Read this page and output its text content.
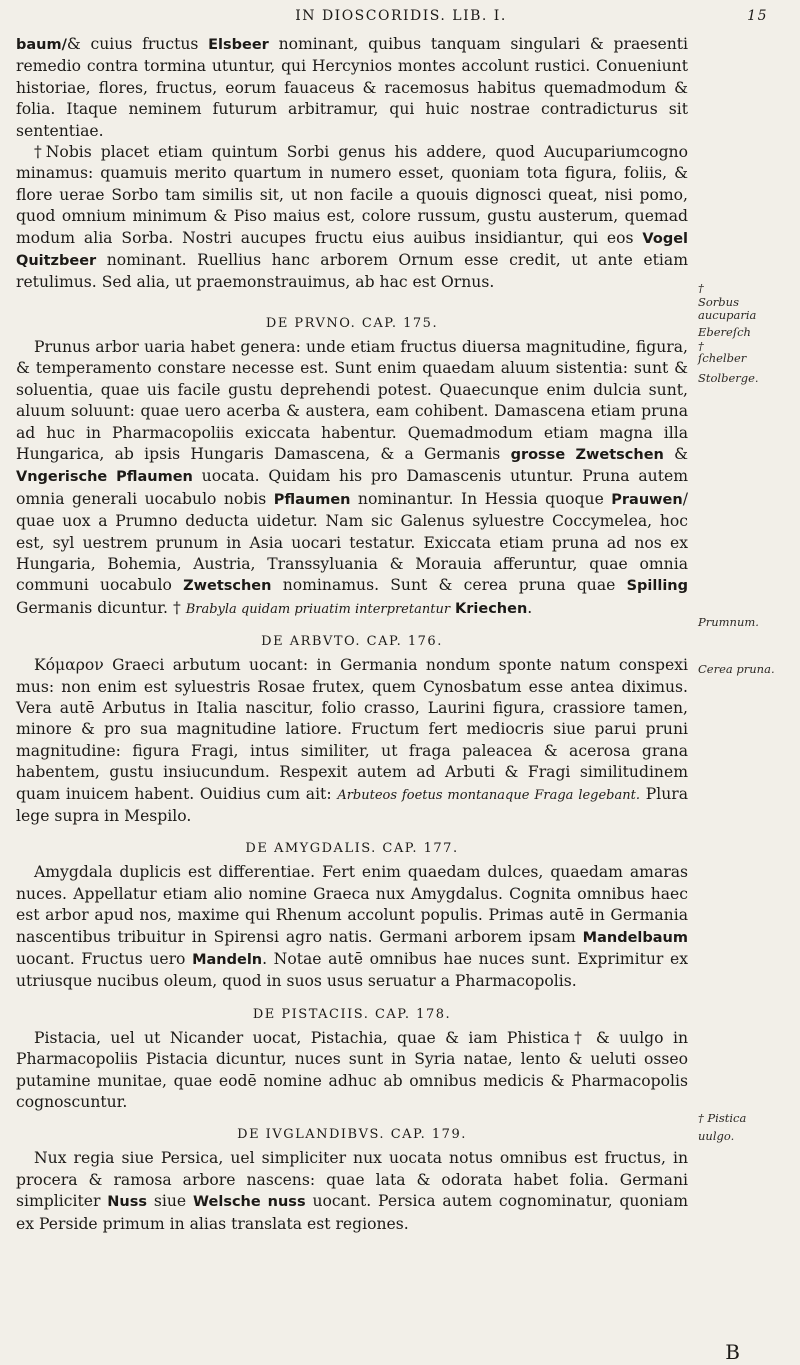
IN DIOSCORIDIS. LIB. I.	15

baum/& cuius fructus Elsbeer nominant, quibus tanquam singulari & praesenti remedio contra tormina utuntur, qui Hercynios montes accolunt rustici. Conueniunt historiae, flores, fructus, eorum fauaceus & racemosus habitus quemadmodum & folia. Itaque neminem futurum arbitramur, qui huic nostrae contradicturus sit sententiae.

†Nobis placet etiam quintum Sorbi genus his addere, quod Aucupariumcogno minamus: quamuis merito quartum in numero esset, quoniam tota figura, foliis, & flore uerae Sorbo tam similis sit, ut non facile a quouis dignosci queat, nisi pomo, quod omnium minimum & Piso maius est, colore russum, gustu austerum, quemad modum alia Sorba. Nostri aucupes fructu eius auibus insidiantur, qui eos Vogel Quitzbeer nominant. Ruellius hanc arborem Ornum esse credit, ut ante etiam retulimus. Sed alia, ut praemonstrauimus, ab hac est Ornus.

DE PRVNO. CAP. 175.

Prunus arbor uaria habet genera: unde etiam fructus diuersa magnitudine, figura, & temperamento constare necesse est. Sunt enim quaedam aluum sistentia: sunt & soluentia, quae uis facile gustu deprehendi potest. Quaecunque enim dulcia sunt, aluum soluunt: quae uero acerba & austera, eam cohibent. Damascena etiam pruna ad huc in Pharmacopoliis exiccata habentur. Quemadmodum etiam magna illa Hungarica, ab ipsis Hungaris Damascena, & a Germanis grosse Zwetschen & Vngerische Pflaumen uocata. Quidam his pro Damascenis utuntur. Pruna autem omnia generali uocabulo nobis Pflaumen nominantur. In Hessia quoque Prauwen/ quae uox a Prumno deducta uidetur. Nam sic Galenus syluestre Coccymelea, hoc est, syl uestrem prunum in Asia uocari testatur. Exiccata etiam pruna ad nos ex Hungaria, Bohemia, Austria, Transsyluania & Morauia afferuntur, quae omnia communi uocabulo Zwetschen nominamus. Sunt & cerea pruna quae Spilling Germanis dicuntur. † Brabyla quidam priuatim interpretantur Kriechen.

DE ARBVTO. CAP. 176.

Κόμαρον Graeci arbutum uocant: in Germania nondum sponte natum conspexi mus: non enim est syluestris Rosae frutex, quem Cynosbatum esse antea diximus. Vera autē Arbutus in Italia nascitur, folio crasso, Laurini figura, crassiore tamen, minore & pro sua magnitudine latiore. Fructum fert mediocris siue parui pruni magnitudine: figura Fragi, intus similiter, ut fraga paleacea & acerosa grana habentem, gustu insiucundum. Respexit autem ad Arbuti & Fragi similitudinem quam inuicem habent. Ouidius cum ait: Arbuteos foetus montanaque Fraga legebant. Plura lege supra in Mespilo.

DE AMYGDALIS. CAP. 177.

Amygdala duplicis est differentiae. Fert enim quaedam dulces, quaedam amaras nuces. Appellatur etiam alio nomine Graeca nux Amygdalus. Cognita omnibus haec est arbor apud nos, maxime qui Rhenum accolunt populis. Primas autē in Germania nascentibus tribuitur in Spirensi agro natis. Germani arborem ipsam Mandelbaum uocant. Fructus uero Mandeln. Notae autē omnibus hae nuces sunt. Exprimitur ex utriusque nucibus oleum, quod in suos usus seruatur a Pharmacopolis.

DE PISTACIIS. CAP. 178.

Pistacia, uel ut Nicander uocat, Pistachia, quae & iam Phistica† & uulgo in Pharmacopoliis Pistacia dicuntur, nuces sunt in Syria natae, lento & ueluti osseo putamine munitae, quae eodē nomine adhuc ab omnibus medicis & Pharmacopolis cognoscuntur.

DE IVGLANDIBVS. CAP. 179.

Nux regia siue Persica, uel simpliciter nux uocata notus omnibus est fructus, in procera & ramosa arbore nascens: quae lata & odorata habet folia. Germani simpliciter Nuss siue Welsche nuss uocant. Persica autem cognominatur, quoniam ex Perside primum in alias translata est regiones.

†
Sorbus aucuparia
Ebereſch
†
ſchelber
Stolberge.
Prumnum.
Cerea pruna.
† Pistica
uulgo.
B
